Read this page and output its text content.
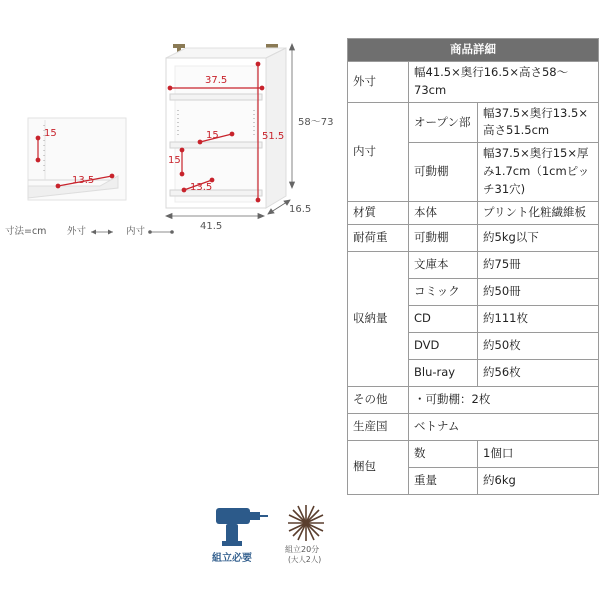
58〜73
41.5
16.5
37.5
51.5
15
15
13.5
15
13.5
寸法=cm 外寸	内寸
組立必要
組立20分
(大人2人)
商品詳細		
外寸	幅41.5×奥行16.5×高さ58〜73cm	
内寸	オープン部	幅37.5×奥行13.5×高さ51.5cm
	可動棚	幅37.5×奥行15×厚み1.7cm（1cmピッチ31穴)
材質	本体	プリント化粧繊維板
耐荷重	可動棚	約5kg以下
収納量	文庫本	約75冊
	コミック	約50冊
	CD	約111枚
	DVD	約50枚
	Blu-ray	約56枚
その他	・可動棚：2枚	
生産国	ベトナム	
梱包	数	1個口
	重量	約6kg
